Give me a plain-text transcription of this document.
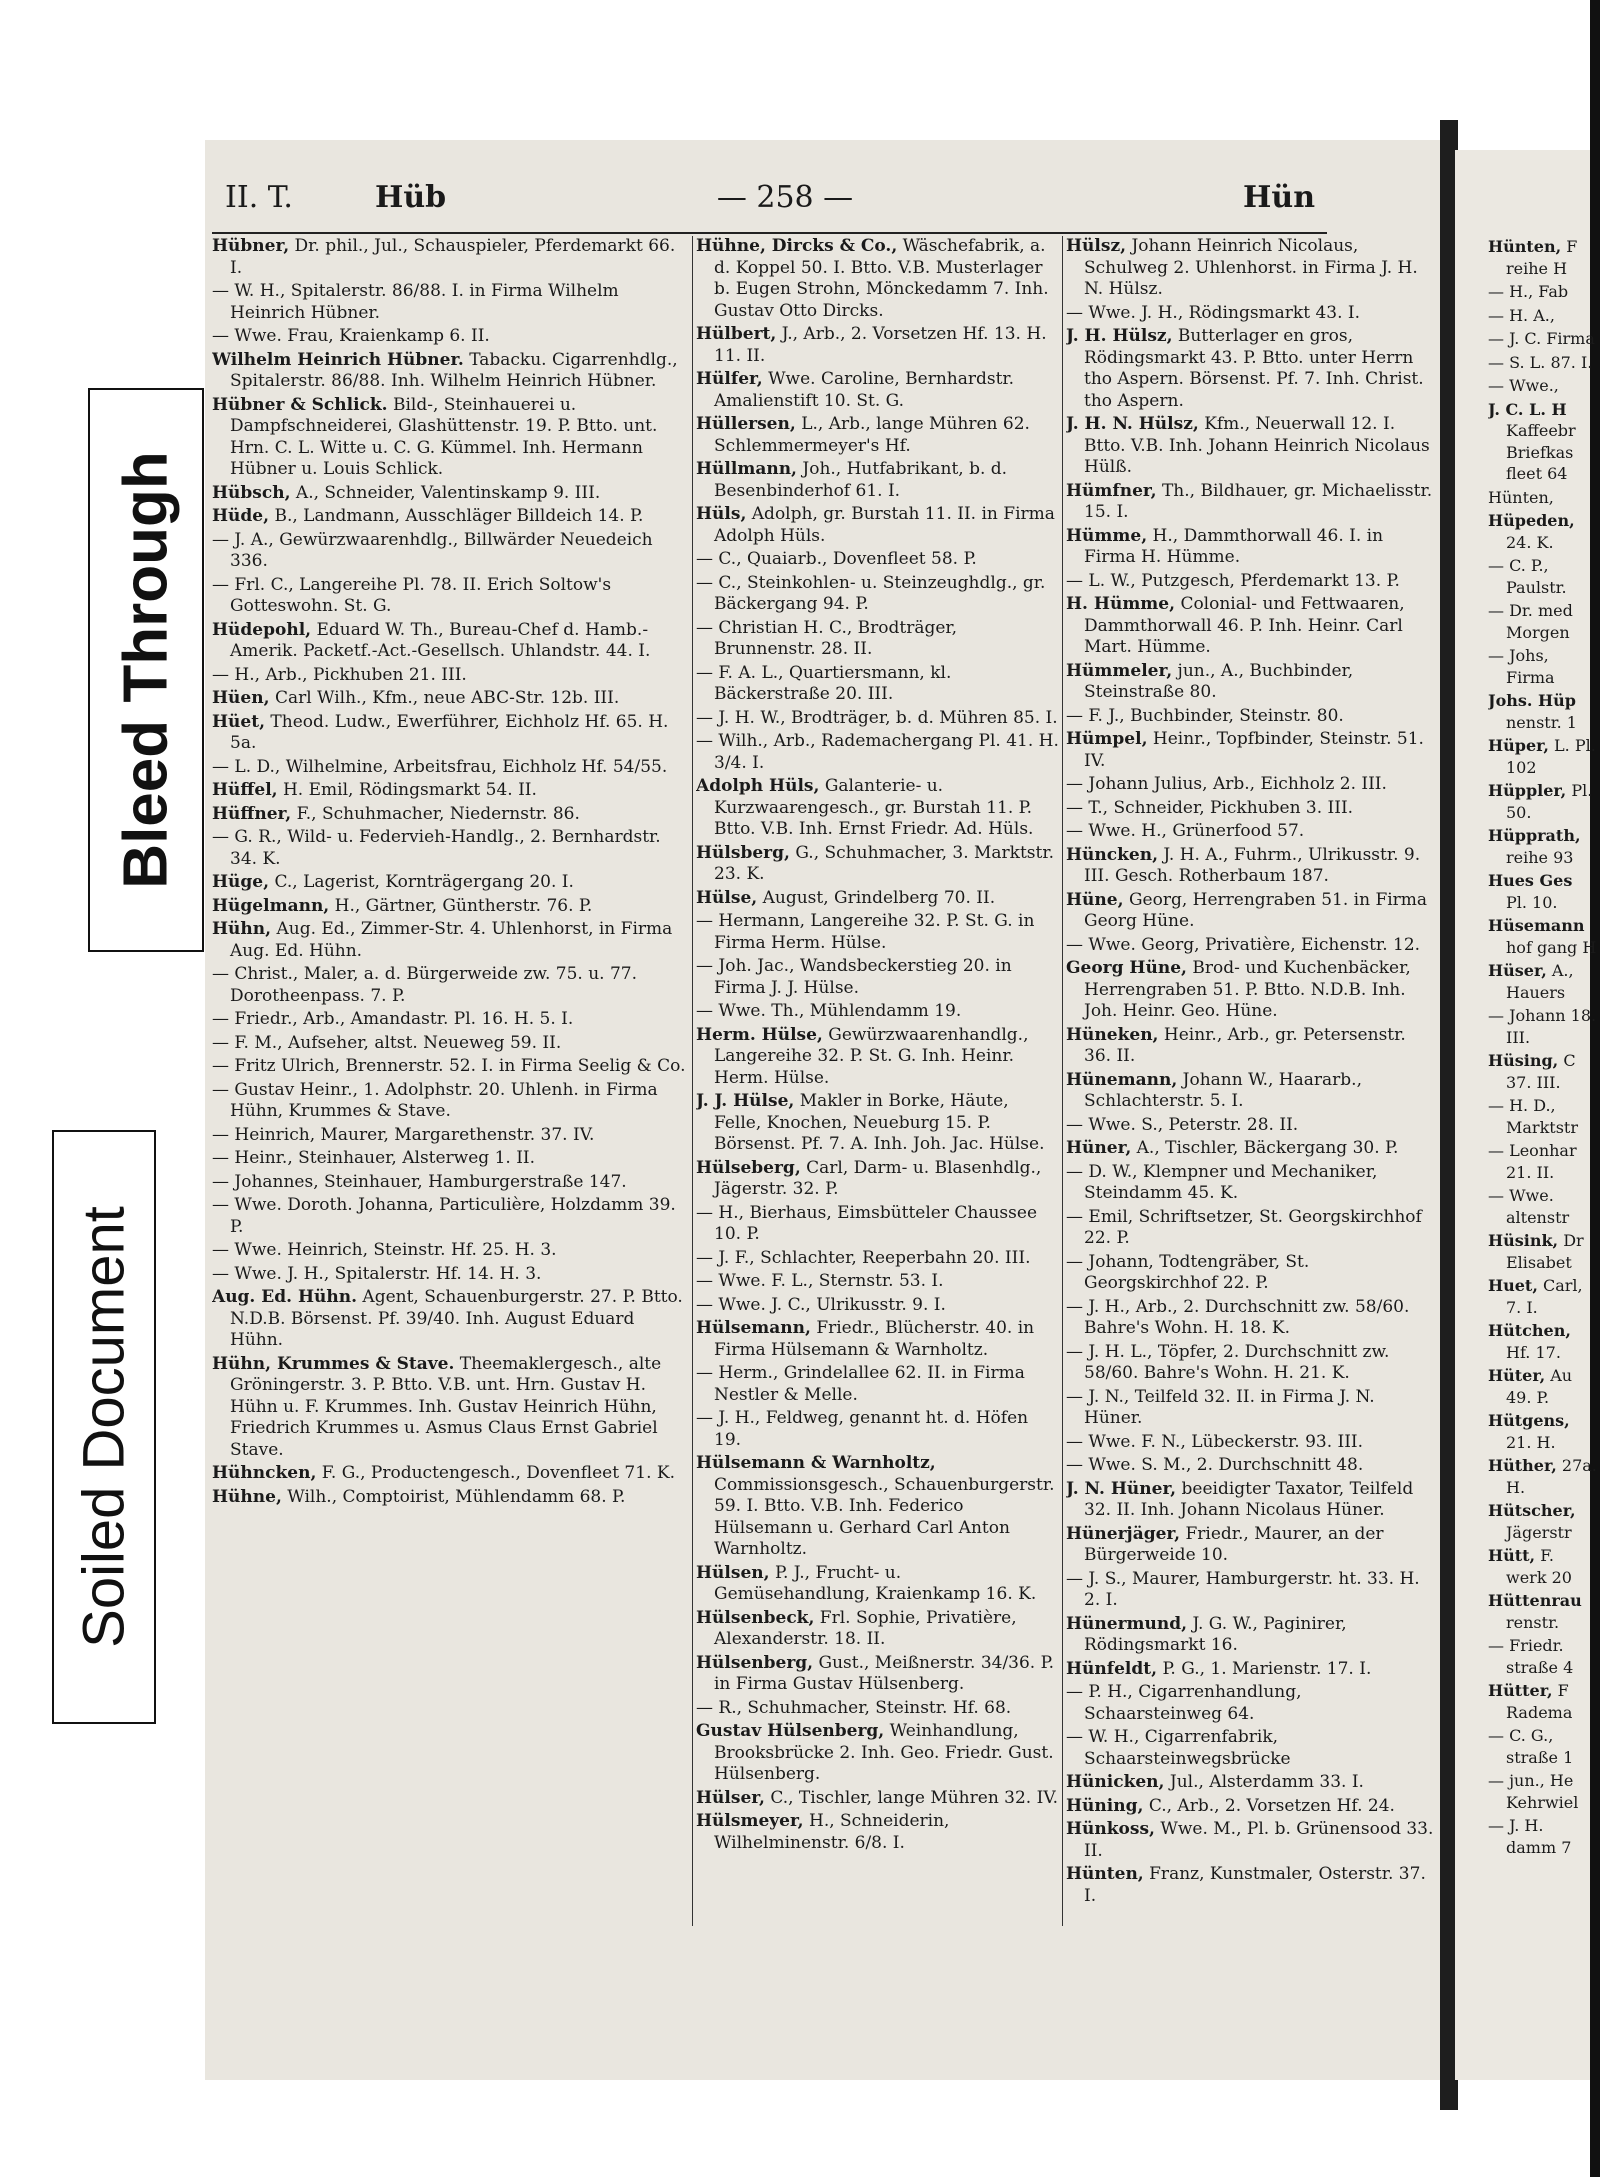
Bleed Through
Soiled Document
II. T.	Hüb	— 258 —	Hün
Hübner, Dr. phil., Jul., Schauspieler, Pferdemarkt 66. I.
— W. H., Spitalerstr. 86/88. I. in Firma Wilhelm Heinrich Hübner.
— Wwe. Frau, Kraienkamp 6. II.
Wilhelm Heinrich Hübner. Tabacku. Cigarrenhdlg., Spitalerstr. 86/88. Inh. Wilhelm Heinrich Hübner.
Hübner & Schlick. Bild-, Steinhauerei u. Dampfschneiderei, Glashüttenstr. 19. P. Btto. unt. Hrn. C. L. Witte u. C. G. Kümmel. Inh. Hermann Hübner u. Louis Schlick.
Hübsch, A., Schneider, Valentinskamp 9. III.
Hüde, B., Landmann, Ausschläger Billdeich 14. P.
— J. A., Gewürzwaarenhdlg., Billwärder Neuedeich 336.
— Frl. C., Langereihe Pl. 78. II. Erich Soltow's Gotteswohn. St. G.
Hüdepohl, Eduard W. Th., Bureau-Chef d. Hamb.-Amerik. Packetf.-Act.-Gesellsch. Uhlandstr. 44. I.
— H., Arb., Pickhuben 21. III.
Hüen, Carl Wilh., Kfm., neue ABC-Str. 12b. III.
Hüet, Theod. Ludw., Ewerführer, Eichholz Hf. 65. H. 5a.
— L. D., Wilhelmine, Arbeitsfrau, Eichholz Hf. 54/55.
Hüffel, H. Emil, Rödingsmarkt 54. II.
Hüffner, F., Schuhmacher, Niedernstr. 86.
— G. R., Wild- u. Federvieh-Handlg., 2. Bernhardstr. 34. K.
Hüge, C., Lagerist, Kornträgergang 20. I.
Hügelmann, H., Gärtner, Güntherstr. 76. P.
Hühn, Aug. Ed., Zimmer-Str. 4. Uhlenhorst, in Firma Aug. Ed. Hühn.
— Christ., Maler, a. d. Bürgerweide zw. 75. u. 77. Dorotheenpass. 7. P.
— Friedr., Arb., Amandastr. Pl. 16. H. 5. I.
— F. M., Aufseher, altst. Neueweg 59. II.
— Fritz Ulrich, Brennerstr. 52. I. in Firma Seelig & Co.
— Gustav Heinr., 1. Adolphstr. 20. Uhlenh. in Firma Hühn, Krummes & Stave.
— Heinrich, Maurer, Margarethenstr. 37. IV.
— Heinr., Steinhauer, Alsterweg 1. II.
— Johannes, Steinhauer, Hamburgerstraße 147.
— Wwe. Doroth. Johanna, Particulière, Holzdamm 39. P.
— Wwe. Heinrich, Steinstr. Hf. 25. H. 3.
— Wwe. J. H., Spitalerstr. Hf. 14. H. 3.
Aug. Ed. Hühn. Agent, Schauenburgerstr. 27. P. Btto. N.D.B. Börsenst. Pf. 39/40. Inh. August Eduard Hühn.
Hühn, Krummes & Stave. Theemaklergesch., alte Gröningerstr. 3. P. Btto. V.B. unt. Hrn. Gustav H. Hühn u. F. Krummes. Inh. Gustav Heinrich Hühn, Friedrich Krummes u. Asmus Claus Ernst Gabriel Stave.
Hühncken, F. G., Productengesch., Dovenfleet 71. K.
Hühne, Wilh., Comptoirist, Mühlendamm 68. P.
Hühne, Dircks & Co., Wäschefabrik, a. d. Koppel 50. I. Btto. V.B. Musterlager b. Eugen Strohn, Mönckedamm 7. Inh. Gustav Otto Dircks.
Hülbert, J., Arb., 2. Vorsetzen Hf. 13. H. 11. II.
Hülfer, Wwe. Caroline, Bernhardstr. Amalienstift 10. St. G.
Hüllersen, L., Arb., lange Mühren 62. Schlemmermeyer's Hf.
Hüllmann, Joh., Hutfabrikant, b. d. Besenbinderhof 61. I.
Hüls, Adolph, gr. Burstah 11. II. in Firma Adolph Hüls.
— C., Quaiarb., Dovenfleet 58. P.
— C., Steinkohlen- u. Steinzeughdlg., gr. Bäckergang 94. P.
— Christian H. C., Brodträger, Brunnenstr. 28. II.
— F. A. L., Quartiersmann, kl. Bäckerstraße 20. III.
— J. H. W., Brodträger, b. d. Mühren 85. I.
— Wilh., Arb., Rademachergang Pl. 41. H. 3/4. I.
Adolph Hüls, Galanterie- u. Kurzwaarengesch., gr. Burstah 11. P. Btto. V.B. Inh. Ernst Friedr. Ad. Hüls.
Hülsberg, G., Schuhmacher, 3. Marktstr. 23. K.
Hülse, August, Grindelberg 70. II.
— Hermann, Langereihe 32. P. St. G. in Firma Herm. Hülse.
— Joh. Jac., Wandsbeckerstieg 20. in Firma J. J. Hülse.
— Wwe. Th., Mühlendamm 19.
Herm. Hülse, Gewürzwaarenhandlg., Langereihe 32. P. St. G. Inh. Heinr. Herm. Hülse.
J. J. Hülse, Makler in Borke, Häute, Felle, Knochen, Neueburg 15. P. Börsenst. Pf. 7. A. Inh. Joh. Jac. Hülse.
Hülseberg, Carl, Darm- u. Blasenhdlg., Jägerstr. 32. P.
— H., Bierhaus, Eimsbütteler Chaussee 10. P.
— J. F., Schlachter, Reeperbahn 20. III.
— Wwe. F. L., Sternstr. 53. I.
— Wwe. J. C., Ulrikusstr. 9. I.
Hülsemann, Friedr., Blücherstr. 40. in Firma Hülsemann & Warnholtz.
— Herm., Grindelallee 62. II. in Firma Nestler & Melle.
— J. H., Feldweg, genannt ht. d. Höfen 19.
Hülsemann & Warnholtz, Commissionsgesch., Schauenburgerstr. 59. I. Btto. V.B. Inh. Federico Hülsemann u. Gerhard Carl Anton Warnholtz.
Hülsen, P. J., Frucht- u. Gemüsehandlung, Kraienkamp 16. K.
Hülsenbeck, Frl. Sophie, Privatière, Alexanderstr. 18. II.
Hülsenberg, Gust., Meißnerstr. 34/36. P. in Firma Gustav Hülsenberg.
— R., Schuhmacher, Steinstr. Hf. 68.
Gustav Hülsenberg, Weinhandlung, Brooksbrücke 2. Inh. Geo. Friedr. Gust. Hülsenberg.
Hülser, C., Tischler, lange Mühren 32. IV.
Hülsmeyer, H., Schneiderin, Wilhelminenstr. 6/8. I.
Hülsz, Johann Heinrich Nicolaus, Schulweg 2. Uhlenhorst. in Firma J. H. N. Hülsz.
— Wwe. J. H., Rödingsmarkt 43. I.
J. H. Hülsz, Butterlager en gros, Rödingsmarkt 43. P. Btto. unter Herrn tho Aspern. Börsenst. Pf. 7. Inh. Christ. tho Aspern.
J. H. N. Hülsz, Kfm., Neuerwall 12. I. Btto. V.B. Inh. Johann Heinrich Nicolaus Hülß.
Hümfner, Th., Bildhauer, gr. Michaelisstr. 15. I.
Hümme, H., Dammthorwall 46. I. in Firma H. Hümme.
— L. W., Putzgesch, Pferdemarkt 13. P.
H. Hümme, Colonial- und Fettwaaren, Dammthorwall 46. P. Inh. Heinr. Carl Mart. Hümme.
Hümmeler, jun., A., Buchbinder, Steinstraße 80.
— F. J., Buchbinder, Steinstr. 80.
Hümpel, Heinr., Topfbinder, Steinstr. 51. IV.
— Johann Julius, Arb., Eichholz 2. III.
— T., Schneider, Pickhuben 3. III.
— Wwe. H., Grünerfood 57.
Hüncken, J. H. A., Fuhrm., Ulrikusstr. 9. III. Gesch. Rotherbaum 187.
Hüne, Georg, Herrengraben 51. in Firma Georg Hüne.
— Wwe. Georg, Privatière, Eichenstr. 12.
Georg Hüne, Brod- und Kuchenbäcker, Herrengraben 51. P. Btto. N.D.B. Inh. Joh. Heinr. Geo. Hüne.
Hüneken, Heinr., Arb., gr. Petersenstr. 36. II.
Hünemann, Johann W., Haararb., Schlachterstr. 5. I.
— Wwe. S., Peterstr. 28. II.
Hüner, A., Tischler, Bäckergang 30. P.
— D. W., Klempner und Mechaniker, Steindamm 45. K.
— Emil, Schriftsetzer, St. Georgskirchhof 22. P.
— Johann, Todtengräber, St. Georgskirchhof 22. P.
— J. H., Arb., 2. Durchschnitt zw. 58/60. Bahre's Wohn. H. 18. K.
— J. H. L., Töpfer, 2. Durchschnitt zw. 58/60. Bahre's Wohn. H. 21. K.
— J. N., Teilfeld 32. II. in Firma J. N. Hüner.
— Wwe. F. N., Lübeckerstr. 93. III.
— Wwe. S. M., 2. Durchschnitt 48.
J. N. Hüner, beeidigter Taxator, Teilfeld 32. II. Inh. Johann Nicolaus Hüner.
Hünerjäger, Friedr., Maurer, an der Bürgerweide 10.
— J. S., Maurer, Hamburgerstr. ht. 33. H. 2. I.
Hünermund, J. G. W., Paginirer, Rödingsmarkt 16.
Hünfeldt, P. G., 1. Marienstr. 17. I.
— P. H., Cigarrenhandlung, Schaarsteinweg 64.
— W. H., Cigarrenfabrik, Schaarsteinwegsbrücke
Hünicken, Jul., Alsterdamm 33. I.
Hüning, C., Arb., 2. Vorsetzen Hf. 24.
Hünkoss, Wwe. M., Pl. b. Grünensood 33. II.
Hünten, Franz, Kunstmaler, Osterstr. 37. I.
Hünten, F reihe H
— H., Fab
— H. A.,
— J. C. Firma
— S. L. 87. I.
— Wwe.,
J. C. L. H Kaffeebr Briefkas fleet 64
Hünten,
Hüpeden, 24. K.
— C. P., Paulstr.
— Dr. med Morgen
— Johs, Firma
Johs. Hüp nenstr. 1
Hüper, L. Pl. 102
Hüppler, Pl. 50.
Hüpprath, reihe 93
Hues Ges Pl. 10.
Hüsemann hof gang H
Hüser, A., Hauers
— Johann 18. III.
Hüsing, C 37. III.
— H. D., Marktstr
— Leonhar 21. II.
— Wwe. altenstr
Hüsink, Dr Elisabet
Huet, Carl, 7. I.
Hütchen, Hf. 17.
Hüter, Au 49. P.
Hütgens, 21. H.
Hüther, 27a. H.
Hütscher, Jägerstr
Hütt, F. werk 20
Hüttenrau renstr.
— Friedr. straße 4
Hütter, F Radema
— C. G., straße 1
— jun., He Kehrwiel
— J. H. damm 7
